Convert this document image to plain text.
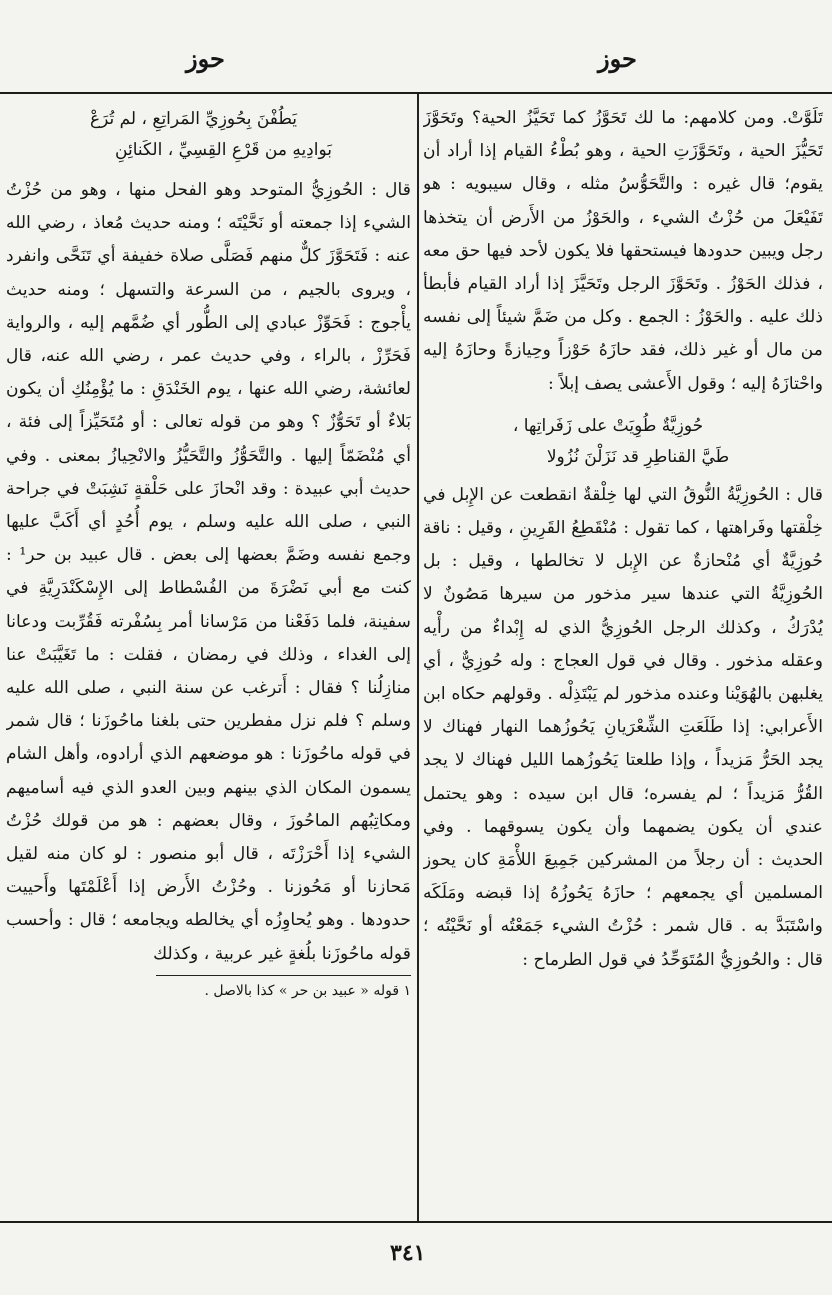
حوز
حوز

تَلَوَّتْ. ومن كلامهم: ما لك تَحَوَّزُ كما تَحَيَّزُ الحية؟ وتَحَوَّزَ تَحَيُّزَ الحية ، وتَحَوَّزَتِ الحية ، وهو بُطْءُ القيام إذا أراد أن يقوم؛ قال غيره : والتَّحَوُّسُ مثله ، وقال سيبويه : هو تَفَيْعَلَ من حُزْتُ الشيء ، والحَوْزُ من الأَرض أن يتخذها رجل ويبين حدودها فيستحقها فلا يكون لأحد فيها حق معه ، فذلك الحَوْزُ . وتَحَوَّزَ الرجل وتَحَيَّزَ إذا أراد القيام فأبطأ ذلك عليه . والحَوْزُ : الجمع . وكل من ضَمَّ شيئاً إلى نفسه من مال أو غير ذلك، فقد حازَهُ حَوْزاً وحِيازةً وحازَهُ إليه واحْتازَهُ إليه ؛ وقول الأَعشى يصف إبلاً :

حُوزِيَّةٌ طُوِيَتْ على زَفَراتِها ،

طَيَّ القناطِرِ قد نَزَلْنَ نُزُولا

قال : الحُوزِيَّةُ النُّوقُ التي لها خِلْقةٌ انقطعت عن الإِبل في خِلْقتها وفَراهتها ، كما تقول : مُنْقَطِعُ القَرِينِ ، وقيل : ناقة حُوزِيَّةٌ أي مُنْحازةٌ عن الإِبل لا تخالطها ، وقيل : بل الحُوزِيَّةُ التي عندها سير مذخور من سيرها مَصُونٌ لا يُدْرَكُ ، وكذلك الرجل الحُوزِيُّ الذي له إِبْداءٌ من رأْيه وعقله مذخور . وقال في قول العجاج : وله حُوزِيٌّ ، أي يغلبهن بالهُوَيْنا وعنده مذخور لم يَبْتَذِلْه . وقولهم حكاه ابن الأَعرابي: إذا طَلَعَتِ الشِّعْرَيانِ يَحُوزُهما النهار فهناك لا يجد الحَرُّ مَزيداً ، وإذا طلعتا يَحُوزُهما الليل فهناك لا يجد القُرُّ مَزيداً ؛ لم يفسره؛ قال ابن سيده : وهو يحتمل عندي أن يكون يضمهما وأن يكون يسوقهما . وفي الحديث : أن رجلاً من المشركين جَمِيعَ اللأْمَةِ كان يحوز المسلمين أي يجمعهم ؛ حازَهُ يَحُوزُهُ إذا قبضه ومَلَكَه واسْتَبَدَّ به . قال شمر : حُزْتُ الشيء جَمَعْتُه أو نَحَّيْتُه ؛ قال : والحُوزِيُّ المُتَوَحِّدُ في قول الطرماح :

يَطُفْنَ بِحُوزِيِّ المَراتِعِ ، لم تُرَعْ

بَوادِيهِ من قَرْعِ القِسِيِّ ، الكَنائِنِ

قال : الحُوزِيُّ المتوحد وهو الفحل منها ، وهو من حُزْتُ الشيء إذا جمعته أو نَحَّيْتَه ؛ ومنه حديث مُعاذ ، رضي الله عنه : فَتَحَوَّزَ كلٌّ منهم فَصَلَّى صلاة خفيفة أي تَنَحَّى وانفرد ، ويروى بالجيم ، من السرعة والتسهل ؛ ومنه حديث يأْجوج : فَحَوِّزْ عبادي إلى الطُّور أي ضُمَّهم إليه ، والرواية فَحَرِّزْ ، بالراء ، وفي حديث عمر ، رضي الله عنه، قال لعائشة، رضي الله عنها ، يوم الخَنْدَقِ : ما يُؤْمِنُكِ أن يكون بَلاءٌ أو تَحَوُّزٌ ؟ وهو من قوله تعالى : أو مُتَحَيِّزاً إلى فئة ، أي مُنْضَمّاً إليها . والتَّحَوُّزُ والتَّحَيُّزُ والانْحِيازُ بمعنى . وفي حديث أبي عبيدة : وقد انْحازَ على حَلْقةٍ نَشِبَتْ في جراحة النبي ، صلى الله عليه وسلم ، يوم أُحُدٍ أي أَكَبَّ عليها وجمع نفسه وضَمَّ بعضها إلى بعض . قال عبيد بن حر¹ : كنت مع أبي نَضْرَةَ من الفُسْطاط إلى الإِسْكَنْدَرِيَّةِ في سفينة، فلما دَفَعْنا من مَرْسانا أمر بِسُفْرته فَقُرِّبت ودعانا إلى الغداء ، وذلك في رمضان ، فقلت : ما تَغَيَّبَتْ عنا منازِلُنا ؟ فقال : أَترغب عن سنة النبي ، صلى الله عليه وسلم ؟ فلم نزل مفطرين حتى بلغنا ماحُوزَنا ؛ قال شمر في قوله ماحُوزَنا : هو موضعهم الذي أرادوه، وأهل الشام يسمون المكان الذي بينهم وبين العدو الذي فيه أساميهم ومكاتِبُهم الماحُوزَ ، وقال بعضهم : هو من قولك حُزْتُ الشيء إذا أَحْرَزْتَه ، قال أبو منصور : لو كان منه لقيل مَحازنا أو مَحُوزنا . وحُزْتُ الأَرض إذا أَعْلَمْتَها وأَحييت حدودها . وهو يُحاوِزُه أي يخالطه ويجامعه ؛ قال : وأحسب قوله ماحُوزَنا بلُغةٍ غير عربية ، وكذلك

١ قوله « عبيد بن حر » كذا بالاصل .

٣٤١
